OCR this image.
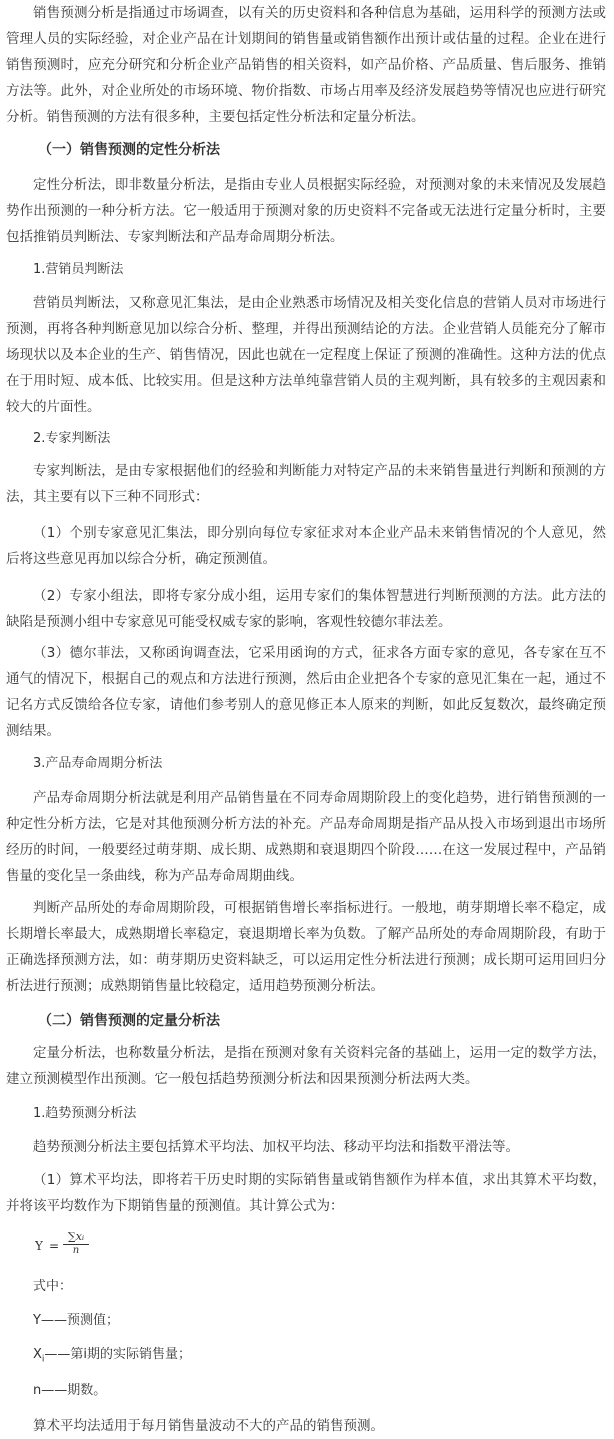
销售预测分析是指通过市场调查，以有关的历史资料和各种信息为基础，运用科学的预测方法或管理人员的实际经验，对企业产品在计划期间的销售量或销售额作出预计或估量的过程。企业在进行销售预测时，应充分研究和分析企业产品销售的相关资料，如产品价格、产品质量、售后服务、推销方法等。此外，对企业所处的市场环境、物价指数、市场占用率及经济发展趋势等情况也应进行研究分析。销售预测的方法有很多种，主要包括定性分析法和定量分析法。

（一）销售预测的定性分析法

定性分析法，即非数量分析法，是指由专业人员根据实际经验，对预测对象的未来情况及发展趋势作出预测的一种分析方法。它一般适用于预测对象的历史资料不完备或无法进行定量分析时，主要包括推销员判断法、专家判断法和产品寿命周期分析法。

1.营销员判断法

营销员判断法，又称意见汇集法，是由企业熟悉市场情况及相关变化信息的营销人员对市场进行预测，再将各种判断意见加以综合分析、整理，并得出预测结论的方法。企业营销人员能充分了解市场现状以及本企业的生产、销售情况，因此也就在一定程度上保证了预测的准确性。这种方法的优点在于用时短、成本低、比较实用。但是这种方法单纯靠营销人员的主观判断，具有较多的主观因素和较大的片面性。

2.专家判断法

专家判断法，是由专家根据他们的经验和判断能力对特定产品的未来销售量进行判断和预测的方法，其主要有以下三种不同形式：

（1）个别专家意见汇集法，即分别向每位专家征求对本企业产品未来销售情况的个人意见，然后将这些意见再加以综合分析，确定预测值。

（2）专家小组法，即将专家分成小组，运用专家们的集体智慧进行判断预测的方法。此方法的缺陷是预测小组中专家意见可能受权威专家的影响，客观性较德尔菲法差。

（3）德尔菲法，又称函询调查法，它采用函询的方式，征求各方面专家的意见，各专家在互不通气的情况下，根据自己的观点和方法进行预测，然后由企业把各个专家的意见汇集在一起，通过不记名方式反馈给各位专家，请他们参考别人的意见修正本人原来的判断，如此反复数次，最终确定预测结果。

3.产品寿命周期分析法

产品寿命周期分析法就是利用产品销售量在不同寿命周期阶段上的变化趋势，进行销售预测的一种定性分析方法，它是对其他预测分析方法的补充。产品寿命周期是指产品从投入市场到退出市场所经历的时间，一般要经过萌芽期、成长期、成熟期和衰退期四个阶段……在这一发展过程中，产品销售量的变化呈一条曲线，称为产品寿命周期曲线。

判断产品所处的寿命周期阶段，可根据销售增长率指标进行。一般地，萌芽期增长率不稳定，成长期增长率最大，成熟期增长率稳定，衰退期增长率为负数。了解产品所处的寿命周期阶段，有助于正确选择预测方法，如：萌芽期历史资料缺乏，可以运用定性分析法进行预测；成长期可运用回归分析法进行预测；成熟期销售量比较稳定，适用趋势预测分析法。

（二）销售预测的定量分析法

定量分析法，也称数量分析法，是指在预测对象有关资料完备的基础上，运用一定的数学方法，建立预测模型作出预测。它一般包括趋势预测分析法和因果预测分析法两大类。

1.趋势预测分析法

趋势预测分析法主要包括算术平均法、加权平均法、移动平均法和指数平滑法等。

（1）算术平均法，即将若干历史时期的实际销售量或销售额作为样本值，求出其算术平均数，并将该平均数作为下期销售量的预测值。其计算公式为：

$Y = \frac{\text{∑xᵢ}}{n}$
式中：
Y——预测值；
$X_i——$第i期的实际销售量；
n——期数。

算术平均法适用于每月销售量波动不大的产品的销售预测。
